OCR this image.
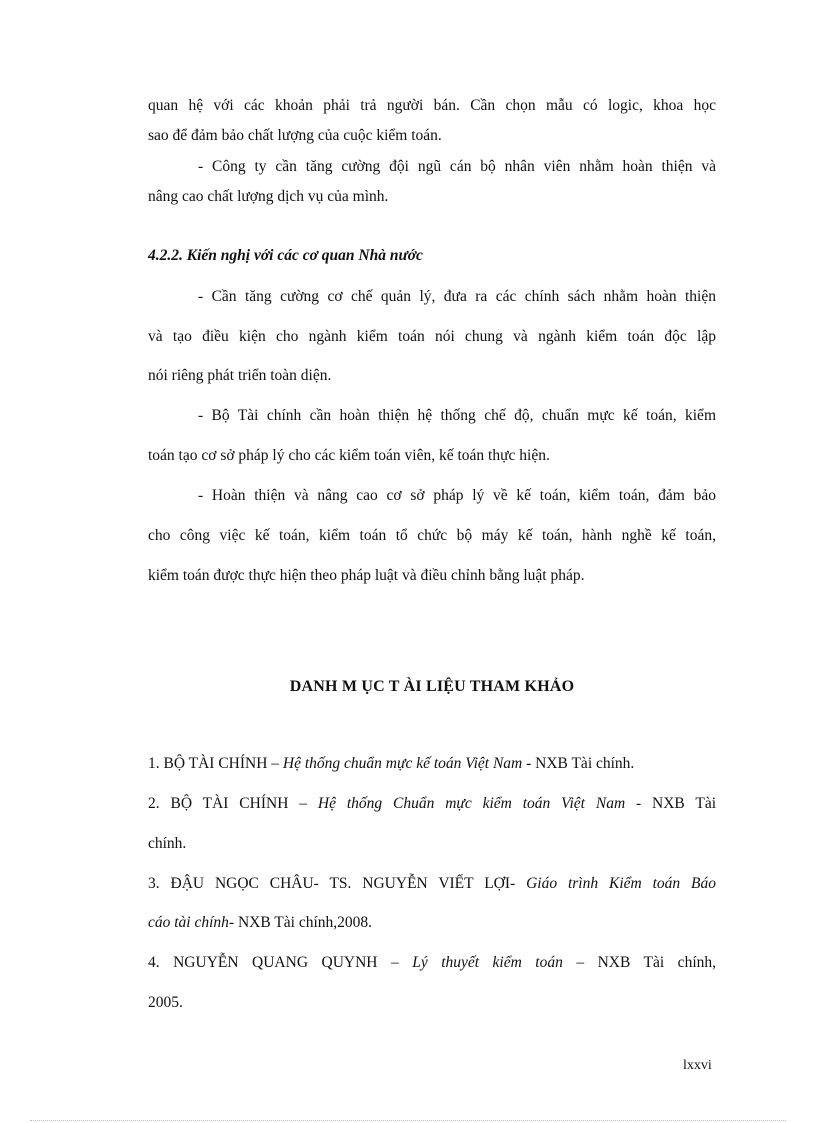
quan hệ với các khoản phải trả người bán. Cần chọn mẫu có logic, khoa học
sao để đảm bảo chất lượng của cuộc kiểm toán.
- Công ty cần tăng cường đội ngũ cán bộ nhân viên nhằm hoàn thiện và
nâng cao chất lượng dịch vụ của mình.
4.2.2. Kiến nghị với các cơ quan Nhà nước
- Cần tăng cường cơ chế quản lý, đưa ra các chính sách nhằm hoàn thiện
và tạo điều kiện cho ngành kiểm toán nói chung và ngành kiểm toán độc lập
nói riêng phát triển toàn diện.
- Bộ Tài chính cần hoàn thiện hệ thống chế độ, chuẩn mực kế toán, kiểm
toán tạo cơ sở pháp lý cho các kiểm toán viên, kế toán thực hiện.
- Hoàn thiện và nâng cao cơ sở pháp lý về kế toán, kiểm toán, đảm bảo
cho công việc kế toán, kiểm toán tổ chức bộ máy kế toán, hành nghề kế toán,
kiểm toán được thực hiện theo pháp luật và điều chỉnh bằng luật pháp.
DANH M ỤC T ÀI LIỆU THAM KHẢO
1. BỘ TÀI CHÍNH – Hệ thống chuẩn mực kế toán Việt Nam - NXB Tài chính.
2. BỘ TÀI CHÍNH – Hệ thống Chuẩn mực kiểm toán Việt Nam - NXB Tài
chính.
3. ĐẬU NGỌC CHÂU- TS. NGUYỄN VIẾT LỢI- Giáo trình Kiểm toán Báo
cáo tài chính- NXB Tài chính,2008.
4. NGUYỄN QUANG QUYNH – Lý thuyết kiểm toán – NXB Tài chính,
2005.
lxxvi
